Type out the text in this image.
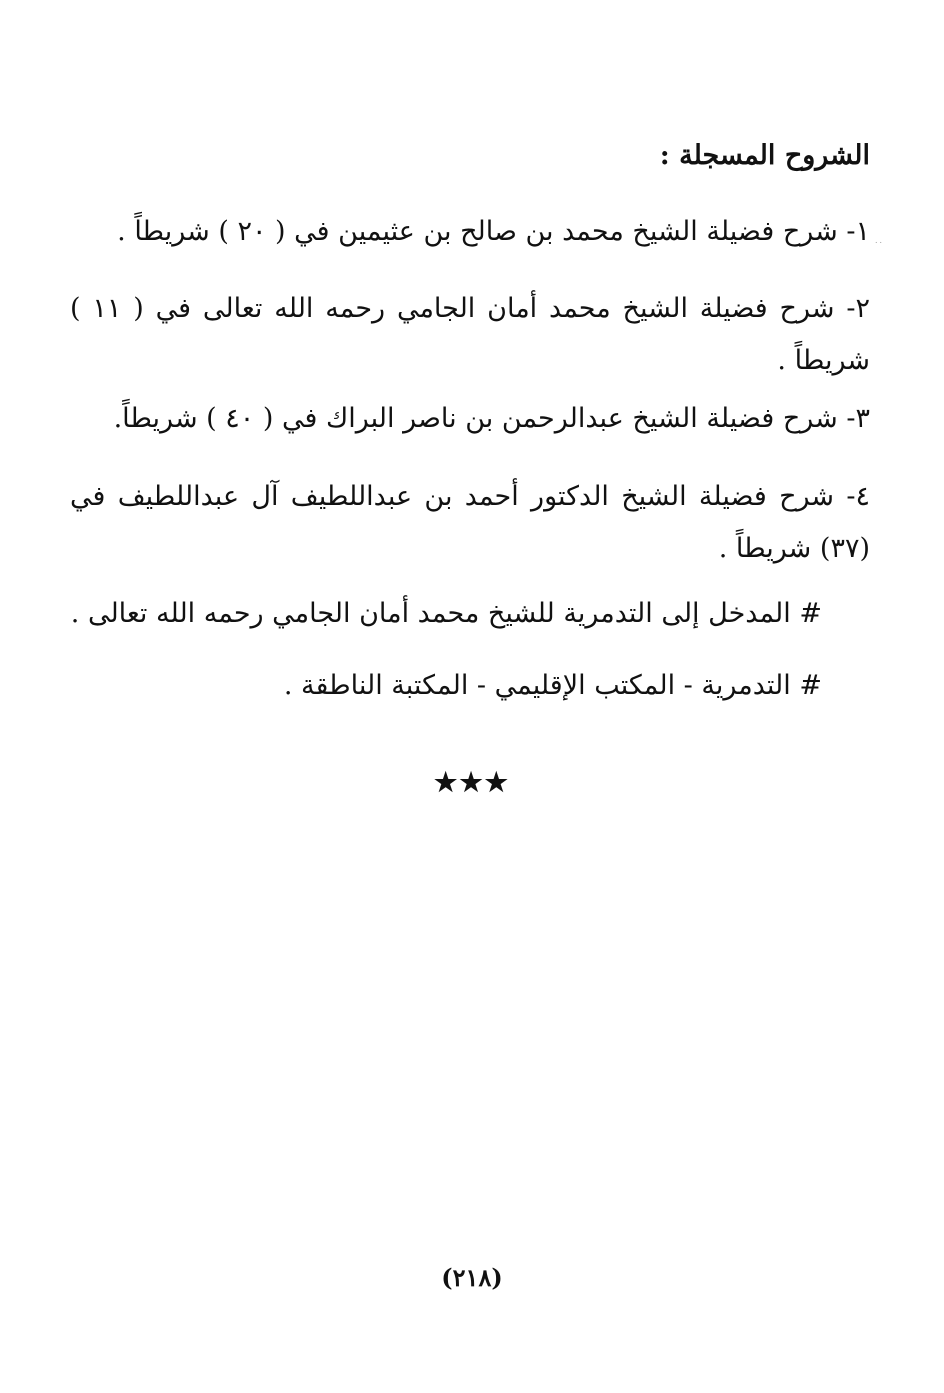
الشروح المسجلة :
١- شرح فضيلة الشيخ محمد بن صالح بن عثيمين في ( ٢٠ ) شريطاً .
٢- شرح فضيلة الشيخ محمد أمان الجامي رحمه الله تعالى في ( ١١ ) شريطاً .
٣- شرح فضيلة الشيخ عبدالرحمن بن ناصر البراك في ( ٤٠ ) شريطاً.
٤- شرح فضيلة الشيخ الدكتور أحمد بن عبداللطيف آل عبداللطيف في (٣٧) شريطاً .
# المدخل إلى التدمرية للشيخ محمد أمان الجامي رحمه الله تعالى .
# التدمرية - المكتب الإقليمي - المكتبة الناطقة .
★★★
(٢١٨)
˙˙
